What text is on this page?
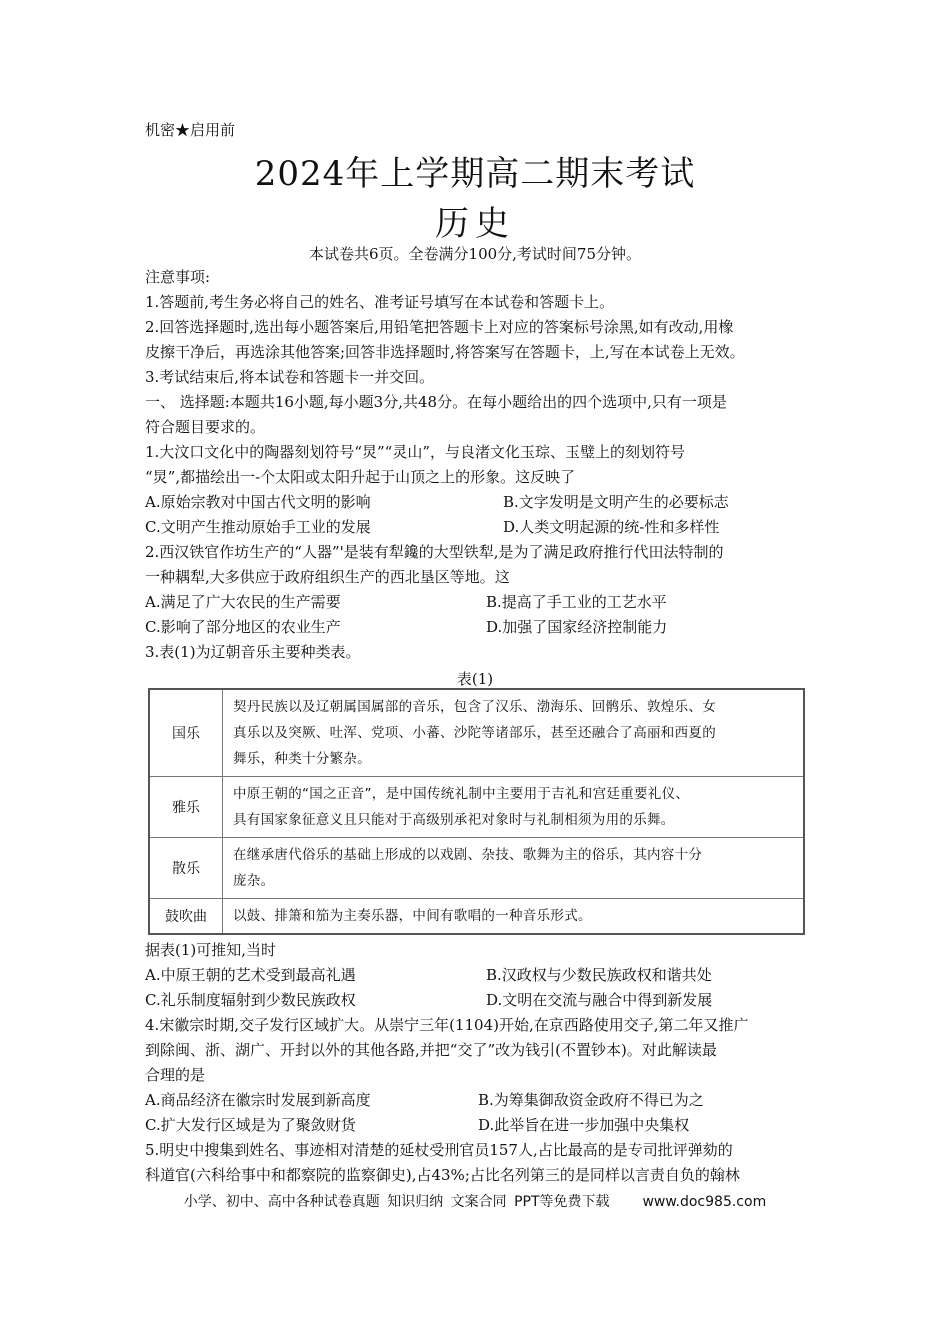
机密★启用前
2024年上学期高二期末考试
历史
本试卷共6页。全卷满分100分,考试时间75分钟。
注意事项:
1.答题前,考生务必将自己的姓名、准考证号填写在本试卷和答题卡上。
2.回答选择题时,选出每小题答案后,用铅笔把答题卡上对应的答案标号涂黑,如有改动,用橡
皮擦干净后，再选涂其他答案;回答非选择题时,将答案写在答题卡，上,写在本试卷上无效。
3.考试结束后,将本试卷和答题卡一并交回。
一、 选择题:本题共16小题,每小题3分,共48分。在每小题给出的四个选项中,只有一项是
符合题目要求的。
1.大汶口文化中的陶器刻划符号“炅”“灵山”，与良渚文化玉琮、玉璧上的刻划符号
“炅”,都描绘出一-个太阳或太阳升起于山顶之上的形象。这反映了
A.原始宗教对中国古代文明的影响	B.文字发明是文明产生的必要标志
C.文明产生推动原始手工业的发展	D.人类文明起源的统-性和多样性
2.西汉铁官作坊生产的“人器”'是装有犁鑱的大型铁犁,是为了满足政府推行代田法特制的
一种耦犁,大多供应于政府组织生产的西北垦区等地。这
A.满足了广大农民的生产需要	B.提高了手工业的工艺水平
C.影响了部分地区的农业生产	D.加强了国家经济控制能力
3.表(1)为辽朝音乐主要种类表。
表(1)
国乐	契丹民族以及辽朝属国属部的音乐，包含了汉乐、渤海乐、回鹘乐、敦煌乐、女
真乐以及突厥、吐浑、党项、小蕃、沙陀等诸部乐，甚至还融合了高丽和西夏的
舞乐，种类十分繁杂。

雅乐	中原王朝的“国之正音”，是中国传统礼制中主要用于吉礼和宫廷重要礼仪、
具有国家象征意义且只能对于高级别承祀对象时与礼制相须为用的乐舞。

散乐	在继承唐代俗乐的基础上形成的以戏剧、杂技、歌舞为主的俗乐，其内容十分
庞杂。

鼓吹曲	以鼓、排箫和笳为主奏乐器，中间有歌唱的一种音乐形式。
据表(1)可推知,当时
A.中原王朝的艺术受到最高礼遇	B.汉政权与少数民族政权和谐共处
C.礼乐制度辐射到少数民族政权	D.文明在交流与融合中得到新发展
4.宋徽宗时期,交子发行区域扩大。从崇宁三年(1104)开始,在京西路使用交子,第二年又推广
到除闽、浙、湖广、开封以外的其他各路,并把“交了”改为钱引(不置钞本)。对此解读最
合理的是
A.商品经济在徽宗时发展到新高度	B.为筹集御敌资金政府不得已为之
C.扩大发行区域是为了聚敛财货	D.此举旨在进一步加强中央集权
5.明史中搜集到姓名、事迹相对清楚的延杖受刑官员157人,占比最高的是专司批评弹劾的
科道官(六科给事中和都察院的监察御史),占43%;占比名列第三的是同样以言责自负的翰林
小学、初中、高中各种试卷真题 知识归纳 文案合同 PPT等免费下载 www.doc985.com
